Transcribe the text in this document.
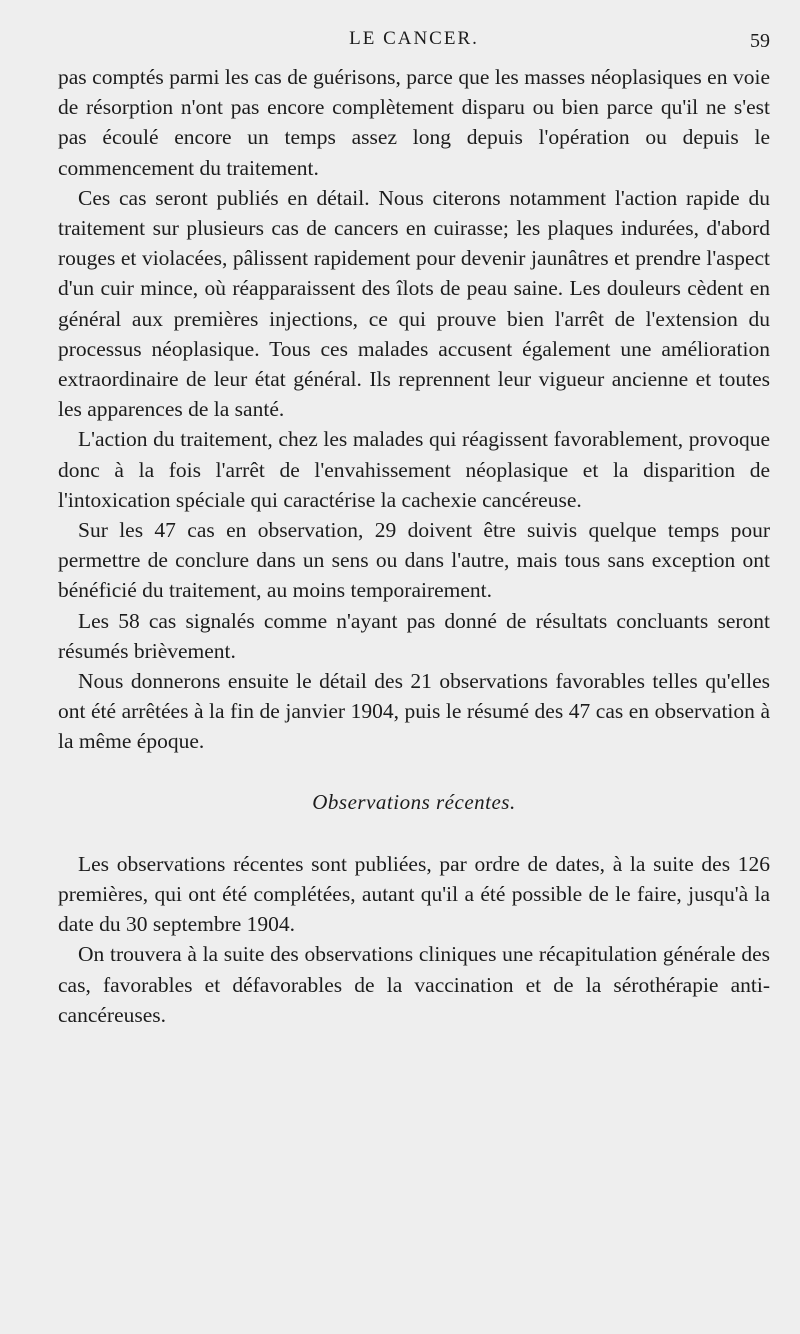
LE CANCER.	59

pas comptés parmi les cas de guérisons, parce que les masses néoplasiques en voie de résorption n'ont pas encore complètement disparu ou bien parce qu'il ne s'est pas écoulé encore un temps assez long depuis l'opération ou depuis le commencement du traitement.

Ces cas seront publiés en détail. Nous citerons notamment l'action rapide du traitement sur plusieurs cas de cancers en cuirasse; les plaques indurées, d'abord rouges et violacées, pâlissent rapidement pour devenir jaunâtres et prendre l'aspect d'un cuir mince, où réapparaissent des îlots de peau saine. Les douleurs cèdent en général aux premières injections, ce qui prouve bien l'arrêt de l'extension du processus néoplasique. Tous ces malades accusent également une amélioration extraordinaire de leur état général. Ils reprennent leur vigueur ancienne et toutes les apparences de la santé.

L'action du traitement, chez les malades qui réagissent favorablement, provoque donc à la fois l'arrêt de l'envahissement néoplasique et la disparition de l'intoxication spéciale qui caractérise la cachexie cancéreuse.

Sur les 47 cas en observation, 29 doivent être suivis quelque temps pour permettre de conclure dans un sens ou dans l'autre, mais tous sans exception ont bénéficié du traitement, au moins temporairement.

Les 58 cas signalés comme n'ayant pas donné de résultats concluants seront résumés brièvement.

Nous donnerons ensuite le détail des 21 observations favorables telles qu'elles ont été arrêtées à la fin de janvier 1904, puis le résumé des 47 cas en observation à la même époque.

Observations récentes.

Les observations récentes sont publiées, par ordre de dates, à la suite des 126 premières, qui ont été complétées, autant qu'il a été possible de le faire, jusqu'à la date du 30 septembre 1904.

On trouvera à la suite des observations cliniques une récapitulation générale des cas, favorables et défavorables de la vaccination et de la sérothérapie anti-cancéreuses.
